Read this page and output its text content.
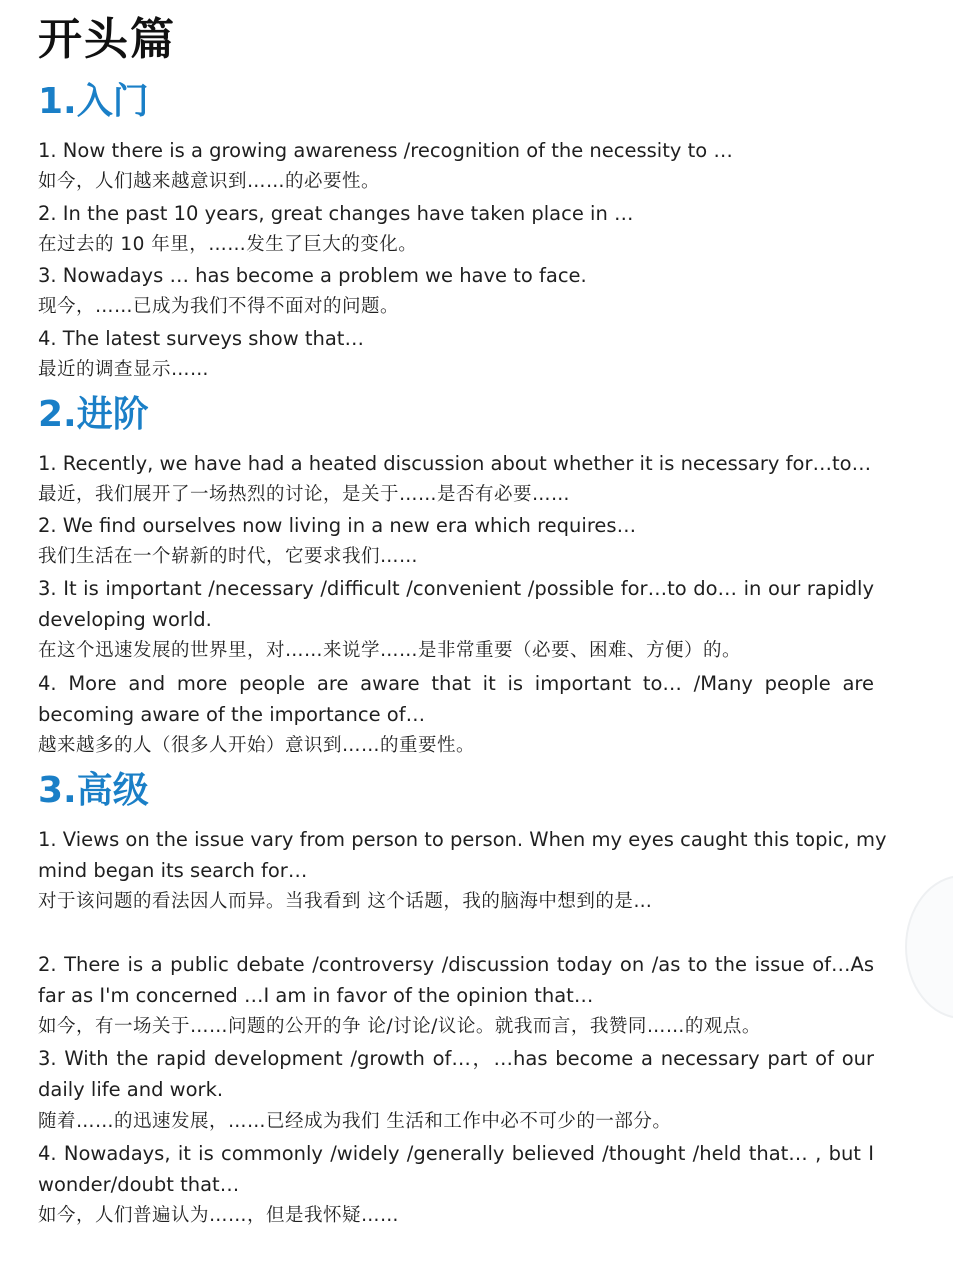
开头篇
1.入门
1. Now there is a growing awareness /recognition of the necessity to …
如今，人们越来越意识到……的必要性。
2. In the past 10 years, great changes have taken place in …
在过去的 10 年里，……发生了巨大的变化。
3. Nowadays … has become a problem we have to face.
现今，……已成为我们不得不面对的问题。
4. The latest surveys show that…
最近的调查显示……
2.进阶
1. Recently, we have had a heated discussion about whether it is necessary for…to…
最近，我们展开了一场热烈的讨论，是关于……是否有必要……
2. We find ourselves now living in a new era which requires…
我们生活在一个崭新的时代，它要求我们……
3. It is important /necessary /difficult /convenient /possible for…to do… in our rapidly
developing world.
在这个迅速发展的世界里，对……来说学……是非常重要（必要、困难、方便）的。
4. More and more people are aware that it is important to… /Many people are
becoming aware of the importance of…
越来越多的人（很多人开始）意识到……的重要性。
3.高级
1. Views on the issue vary from person to person. When my eyes caught this topic, my
mind began its search for…
对于该问题的看法因人而异。当我看到 这个话题，我的脑海中想到的是…
2. There is a public debate /controversy /discussion today on /as to the issue of…As
far as I'm concerned …I am in favor of the opinion that…
如今，有一场关于……问题的公开的争 论/讨论/议论。就我而言，我赞同……的观点。
3. With the rapid development /growth of…，…has become a necessary part of our
daily life and work.
随着……的迅速发展，……已经成为我们 生活和工作中必不可少的一部分。
4. Nowadays, it is commonly /widely /generally believed /thought /held that… , but I
wonder/doubt that…
如今，人们普遍认为……，但是我怀疑……
